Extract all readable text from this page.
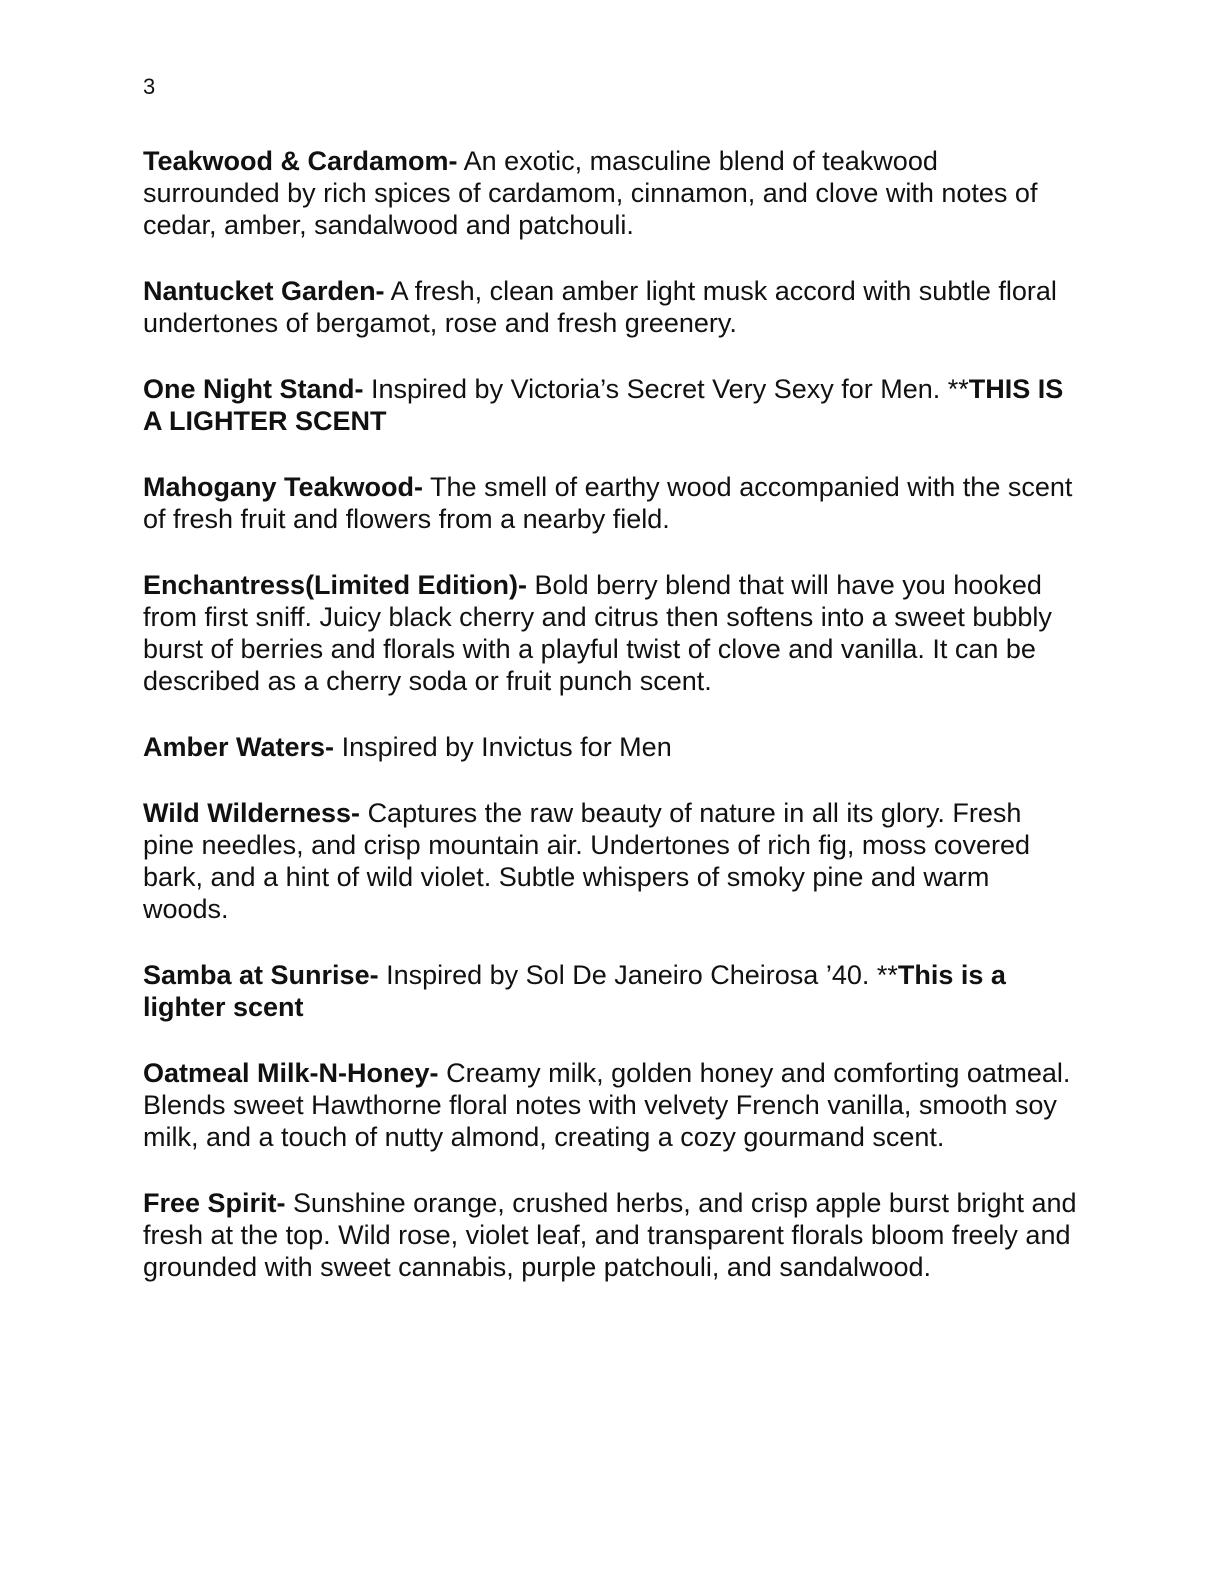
3

Teakwood & Cardamom- An exotic, masculine blend of teakwood surrounded by rich spices of cardamom, cinnamon, and clove with notes of cedar, amber, sandalwood and patchouli.

Nantucket Garden- A fresh, clean amber light musk accord with subtle floral undertones of bergamot, rose and fresh greenery.

One Night Stand- Inspired by Victoria’s Secret Very Sexy for Men. **THIS IS A LIGHTER SCENT

Mahogany Teakwood- The smell of earthy wood accompanied with the scent of fresh fruit and flowers from a nearby field.

Enchantress(Limited Edition)- Bold berry blend that will have you hooked from first sniff. Juicy black cherry and citrus then softens into a sweet bubbly burst of berries and florals with a playful twist of clove and vanilla. It can be described as a cherry soda or fruit punch scent.

Amber Waters- Inspired by Invictus for Men

Wild Wilderness- Captures the raw beauty of nature in all its glory. Fresh pine needles, and crisp mountain air. Undertones of rich fig, moss covered bark, and a hint of wild violet. Subtle whispers of smoky pine and warm woods.

Samba at Sunrise- Inspired by Sol De Janeiro Cheirosa ’40. **This is a lighter scent

Oatmeal Milk-N-Honey- Creamy milk, golden honey and comforting oatmeal. Blends sweet Hawthorne floral notes with velvety French vanilla, smooth soy milk, and a touch of nutty almond, creating a cozy gourmand scent.

Free Spirit- Sunshine orange, crushed herbs, and crisp apple burst bright and fresh at the top. Wild rose, violet leaf, and transparent florals bloom freely and grounded with sweet cannabis, purple patchouli, and sandalwood.
